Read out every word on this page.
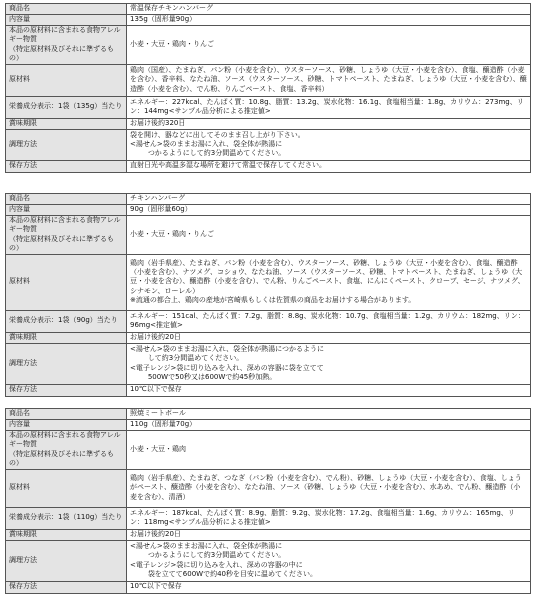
商品名	常温保存チキンハンバーグ
内容量	135g（固形量90g）
本品の原材料に含まれる食物アレルギー物質
（特定原材料及びそれに準ずるもの）	小麦・大豆・鶏肉・りんご
原材料	鶏肉（国産）、たまねぎ、パン粉（小麦を含む）、ウスターソース、砂糖、しょうゆ（大豆・小麦を含む）、食塩、醸造酢（小麦を含む）、香辛料、なたね油、ソース（ウスターソース、砂糖、トマトペースト、たまねぎ、しょうゆ（大豆・小麦を含む）、醸造酢（小麦を含む）、でん粉、りんごペースト、食塩、香辛料）
栄養成分表示：1袋（135g）当たり	エネルギー：227kcal、たんぱく質：10.8g、脂質：13.2g、炭水化物：16.1g、食塩相当量：1.8g、カリウム：273mg、リン：144mg<サンプル品分析による推定値>
賞味期限	お届け後約320日
調理方法	袋を開け、器などに出してそのまま召し上がり下さい。
<湯せん>袋のままお湯に入れ、袋全体が熱湯に
つかるようにして約3分間温めてください。
保存方法	直射日光や高温多湿な場所を避けて常温で保存してください。
商品名	チキンハンバーグ
内容量	90g（固形量60g）
本品の原材料に含まれる食物アレルギー物質
（特定原材料及びそれに準ずるもの）	小麦・大豆・鶏肉・りんご
原材料	鶏肉（岩手県産）、たまねぎ、パン粉（小麦を含む）、ウスターソース、砂糖、しょうゆ（大豆・小麦を含む）、食塩、醸造酢（小麦を含む）、ナツメグ、コショウ、なたね油、ソース（ウスターソース、砂糖、トマトペースト、たまねぎ、しょうゆ（大豆・小麦を含む）、醸造酢（小麦を含む）、でん粉、りんごペースト、食塩、にんにくペースト、クローブ、セージ、ナツメグ、シナモン、ローレル）
※流通の都合上、鶏肉の産地が宮崎県もしくは佐賀県の商品をお届けする場合があります。
栄養成分表示：1袋（90g）当たり	エネルギー：151cal、たんぱく質：7.2g、脂質：8.8g、炭水化物：10.7g、食塩相当量：1.2g、カリウム：182mg、リン：96mg<推定値>
賞味期限	お届け後約20日
調理方法	<湯せん>袋のままお湯に入れ、袋全体が熱湯につかるように
して約3分間温めてください。
<電子レンジ>袋に切り込みを入れ、深めの容器に袋を立てて
500Wで50秒又は600Wで約45秒加熱。
保存方法	10℃以下で保存
商品名	照焼ミートボール
内容量	110g（固形量70g）
本品の原材料に含まれる食物アレルギー物質
（特定原材料及びそれに準ずるもの）	小麦・大豆・鶏肉
原材料	鶏肉（岩手県産）、たまねぎ、つなぎ（パン粉（小麦を含む）、でん粉）、砂糖、しょうゆ（大豆・小麦を含む）、食塩、しょうがペースト、醸造酢（小麦を含む）、なたね油、ソース（砂糖、しょうゆ（大豆・小麦を含む）、水あめ、でん粉、醸造酢（小麦を含む）、清酒）
栄養成分表示：1袋（110g）当たり	エネルギー：187kcal、たんぱく質：8.9g、脂質：9.2g、炭水化物：17.2g、食塩相当量：1.6g、カリウム：165mg、リン：118mg<サンプル品分析による推定値>
賞味期限	お届け後約20日
調理方法	<湯せん>袋のままお湯に入れ、袋全体が熱湯に
つかるようにして約3分間温めてください。
<電子レンジ>袋に切り込みを入れ、深めの容器の中に
袋を立てて600Wで約40秒を目安に温めてください。
保存方法	10℃以下で保存
